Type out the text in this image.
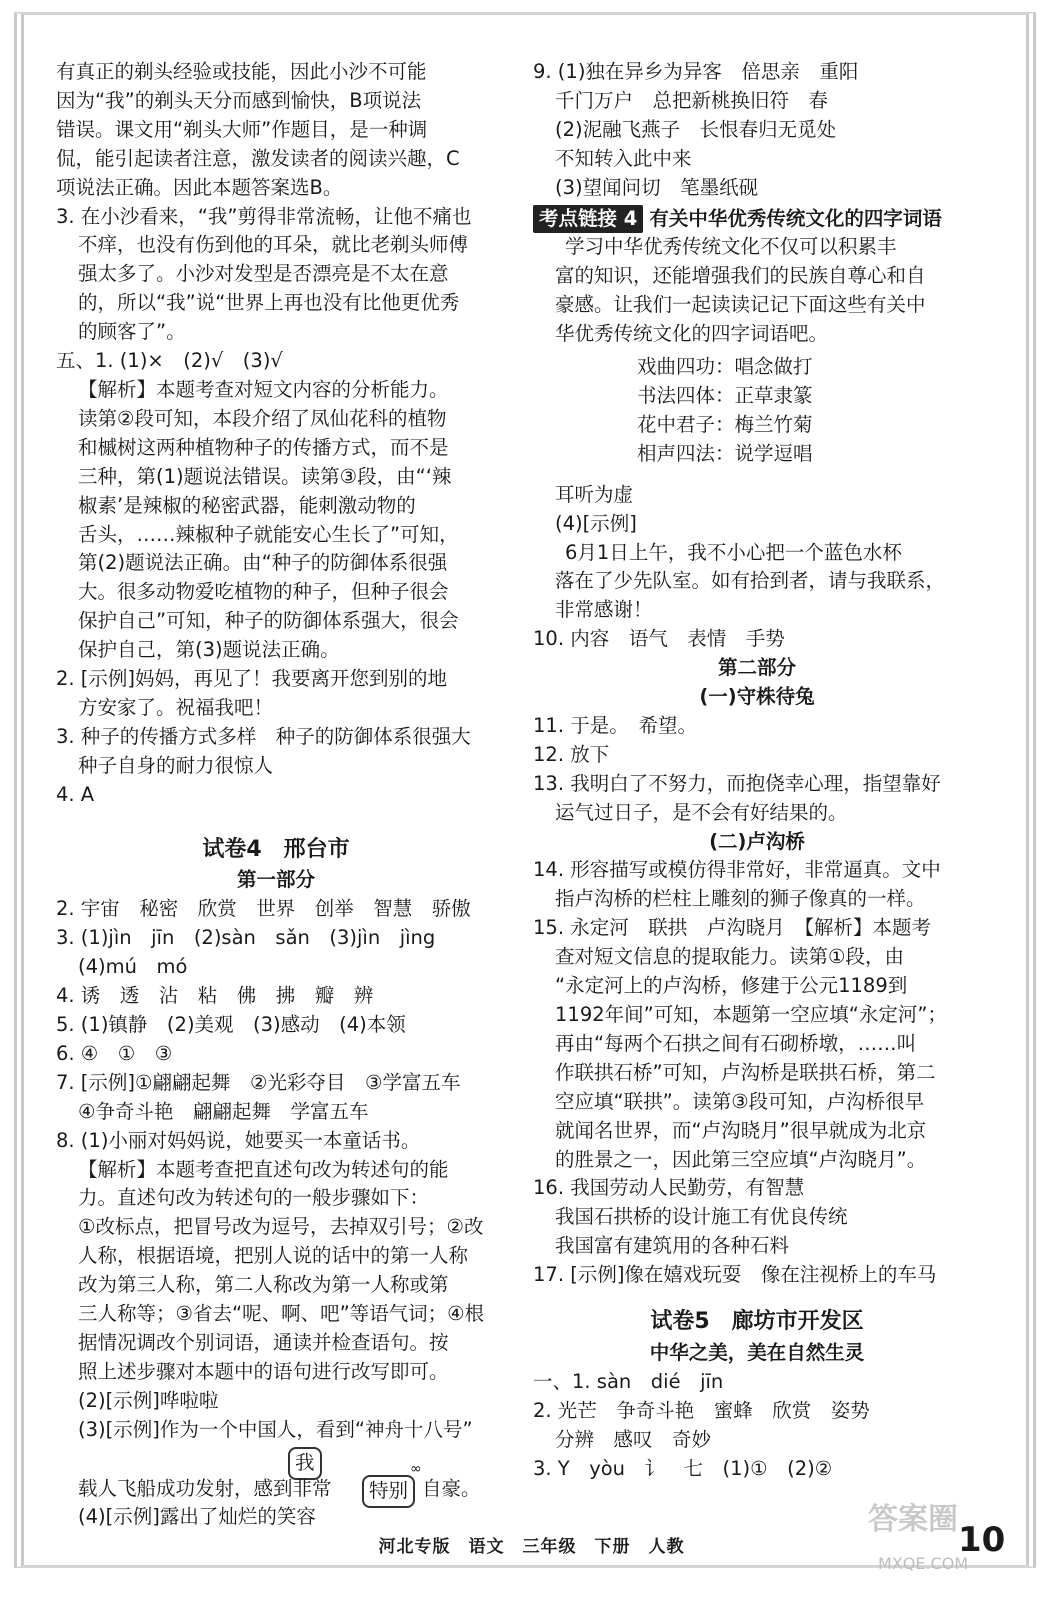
有真正的剃头经验或技能，因此小沙不可能
因为“我”的剃头天分而感到愉快，B项说法
错误。课文用“剃头大师”作题目，是一种调
侃，能引起读者注意，激发读者的阅读兴趣，C
项说法正确。因此本题答案选B。
3. 在小沙看来，“我”剪得非常流畅，让他不痛也
不痒，也没有伤到他的耳朵，就比老剃头师傅
强太多了。小沙对发型是否漂亮是不太在意
的，所以“我”说“世界上再也没有比他更优秀
的顾客了”。
五、1. (1)×　(2)√　(3)√
【解析】本题考查对短文内容的分析能力。
读第②段可知，本段介绍了凤仙花科的植物
和槭树这两种植物种子的传播方式，而不是
三种，第(1)题说法错误。读第③段，由“‘辣
椒素’是辣椒的秘密武器，能刺激动物的
舌头，……辣椒种子就能安心生长了”可知，
第(2)题说法正确。由“种子的防御体系很强
大。很多动物爱吃植物的种子，但种子很会
保护自己”可知，种子的防御体系强大，很会
保护自己，第(3)题说法正确。
2. [示例]妈妈，再见了！我要离开您到别的地
方安家了。祝福我吧！
3. 种子的传播方式多样　种子的防御体系很强大
种子自身的耐力很惊人
4. A
试卷4　邢台市
第一部分
2. 宇宙　秘密　欣赏　世界　创举　智慧　骄傲
3. (1)jìn　jīn　(2)sàn　sǎn　(3)jìn　jìng
(4)mú　mó
4. 诱　透　沾　粘　佛　拂　瓣　辨
5. (1)镇静　(2)美观　(3)感动　(4)本领
6. ④　①　③
7. [示例]①翩翩起舞　②光彩夺目　③学富五车
④争奇斗艳　翩翩起舞　学富五车
8. (1)小丽对妈妈说，她要买一本童话书。
【解析】本题考查把直述句改为转述句的能
力。直述句改为转述句的一般步骤如下：
①改标点，把冒号改为逗号，去掉双引号；②改
人称，根据语境，把别人说的话中的第一人称
改为第三人称，第二人称改为第一人称或第
三人称等；③省去“呢、啊、吧”等语气词；④根
据情况调改个别词语，通读并检查语句。按
照上述步骤对本题中的语句进行改写即可。
(2)[示例]哗啦啦
(3)[示例]作为一个中国人，看到“神舟十八号”
我
特别
∞
载人飞船成功发射，感到非常	自豪。
(4)[示例]露出了灿烂的笑容
9. (1)独在异乡为异客　倍思亲　重阳
千门万户　总把新桃换旧符　春
(2)泥融飞燕子　长恨春归无觅处
不知转入此中来
(3)望闻问切　笔墨纸砚
考点链接 4 有关中华优秀传统文化的四字词语
学习中华优秀传统文化不仅可以积累丰
富的知识，还能增强我们的民族自尊心和自
豪感。让我们一起读读记记下面这些有关中
华优秀传统文化的四字词语吧。
戏曲四功：唱念做打
书法四体：正草隶篆
花中君子：梅兰竹菊
相声四法：说学逗唱
耳听为虚
(4)[示例]
6月1日上午，我不小心把一个蓝色水杯
落在了少先队室。如有拾到者，请与我联系，
非常感谢！
10. 内容　语气　表情　手势
第二部分
(一)守株待兔
11. 于是。　希望。
12. 放下
13. 我明白了不努力，而抱侥幸心理，指望靠好
运气过日子，是不会有好结果的。
(二)卢沟桥
14. 形容描写或模仿得非常好，非常逼真。文中
指卢沟桥的栏柱上雕刻的狮子像真的一样。
15. 永定河　联拱　卢沟晓月　【解析】本题考
查对短文信息的提取能力。读第①段，由
“永定河上的卢沟桥，修建于公元1189到
1192年间”可知，本题第一空应填“永定河”；
再由“每两个石拱之间有石砌桥墩，……叫
作联拱石桥”可知，卢沟桥是联拱石桥，第二
空应填“联拱”。读第③段可知，卢沟桥很早
就闻名世界，而“卢沟晓月”很早就成为北京
的胜景之一，因此第三空应填“卢沟晓月”。
16. 我国劳动人民勤劳，有智慧
我国石拱桥的设计施工有优良传统
我国富有建筑用的各种石料
17. [示例]像在嬉戏玩耍　像在注视桥上的车马
试卷5　廊坊市开发区
中华之美，美在自然生灵
一、1. sàn　dié　jīn
2. 光芒　争奇斗艳　蜜蜂　欣赏　姿势
分辨　感叹　奇妙
3. Y　yòu　讠　七　(1)①　(2)②
河北专版　语文　三年级　下册　人教
答案圈
MXQE.COM
10
